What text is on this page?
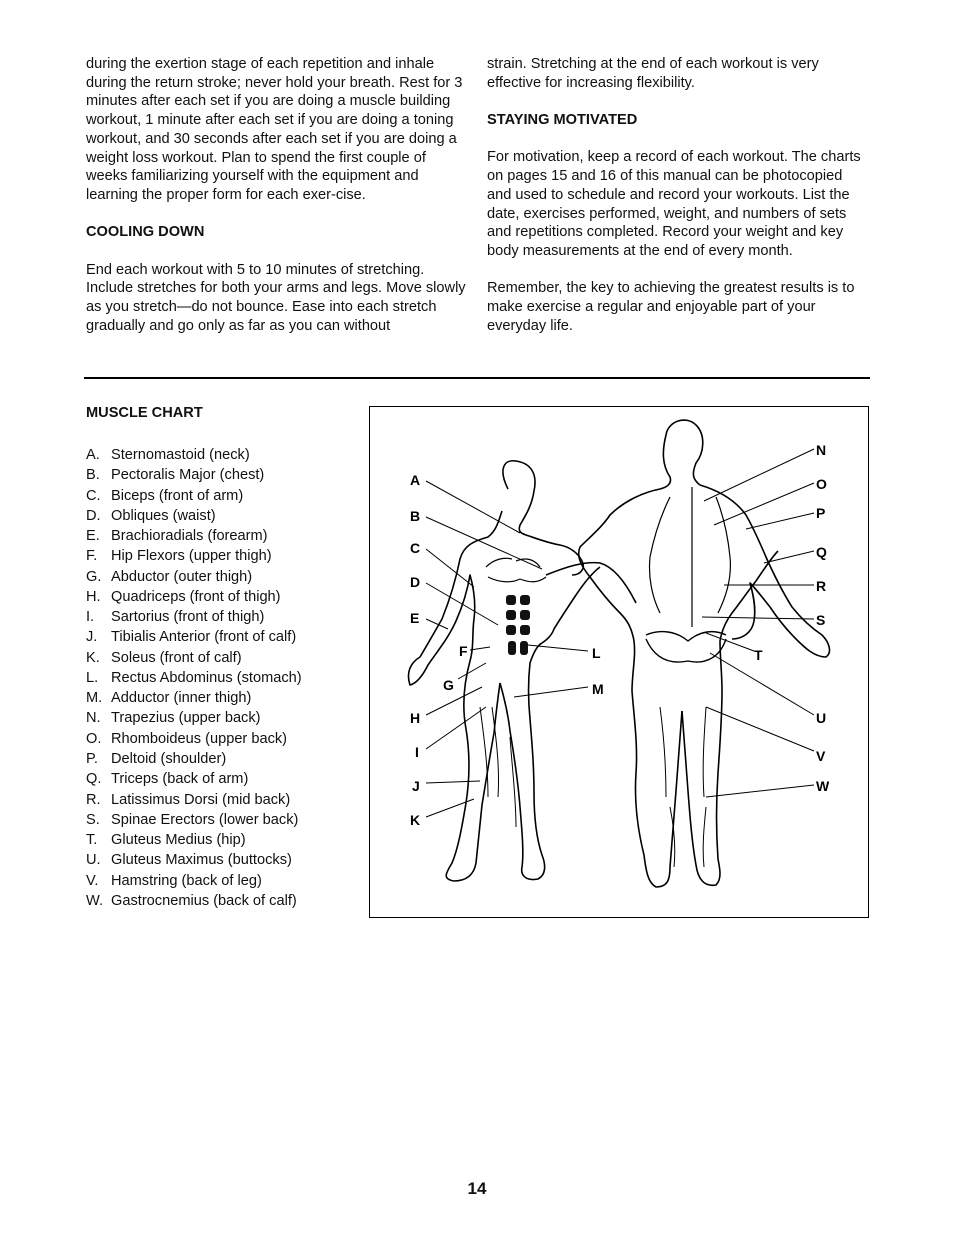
during the exertion stage of each repetition and inhale during the return stroke; never hold your breath. Rest for 3 minutes after each set if you are doing a muscle building workout, 1 minute after each set if you are doing a toning workout, and 30 seconds after each set if you are doing a weight loss workout. Plan to spend the first couple of weeks familiarizing yourself with the equipment and learning the proper form for each exer-cise.

COOLING DOWN

End each workout with 5 to 10 minutes of stretching. Include stretches for both your arms and legs. Move slowly as you stretch—do not bounce. Ease into each stretch gradually and go only as far as you can without

strain. Stretching at the end of each workout is very effective for increasing flexibility.

STAYING MOTIVATED

For motivation, keep a record of each workout. The charts on pages 15 and 16 of this manual can be photocopied and used to schedule and record your workouts. List the date, exercises performed, weight, and numbers of sets and repetitions completed. Record your weight and key body measurements at the end of every month.

Remember, the key to achieving the greatest results is to make exercise a regular and enjoyable part of your everyday life.

MUSCLE CHART
A. Sternomastoid (neck)
B. Pectoralis Major (chest)
C. Biceps (front of arm)
D. Obliques (waist)
E. Brachioradials (forearm)
F. Hip Flexors (upper thigh)
G. Abductor (outer thigh)
H. Quadriceps (front of thigh)
I.	Sartorius (front of thigh)
J. Tibialis Anterior (front of calf)
K. Soleus (front of calf)
L. Rectus Abdominus (stomach)
M. Adductor (inner thigh)
N. Trapezius (upper back)
O. Rhomboideus (upper back)
P. Deltoid (shoulder)
Q. Triceps (back of arm)
R. Latissimus Dorsi (mid back)
S. Spinae Erectors (lower back)
T. Gluteus Medius (hip)
U. Gluteus Maximus (buttocks)
V. Hamstring (back of leg)
W. Gastrocnemius (back of calf)
A
B
C
D
E
F
G
H
I
J
K
L
M
N
O
P
Q
R
S
T
U
V
W
14
